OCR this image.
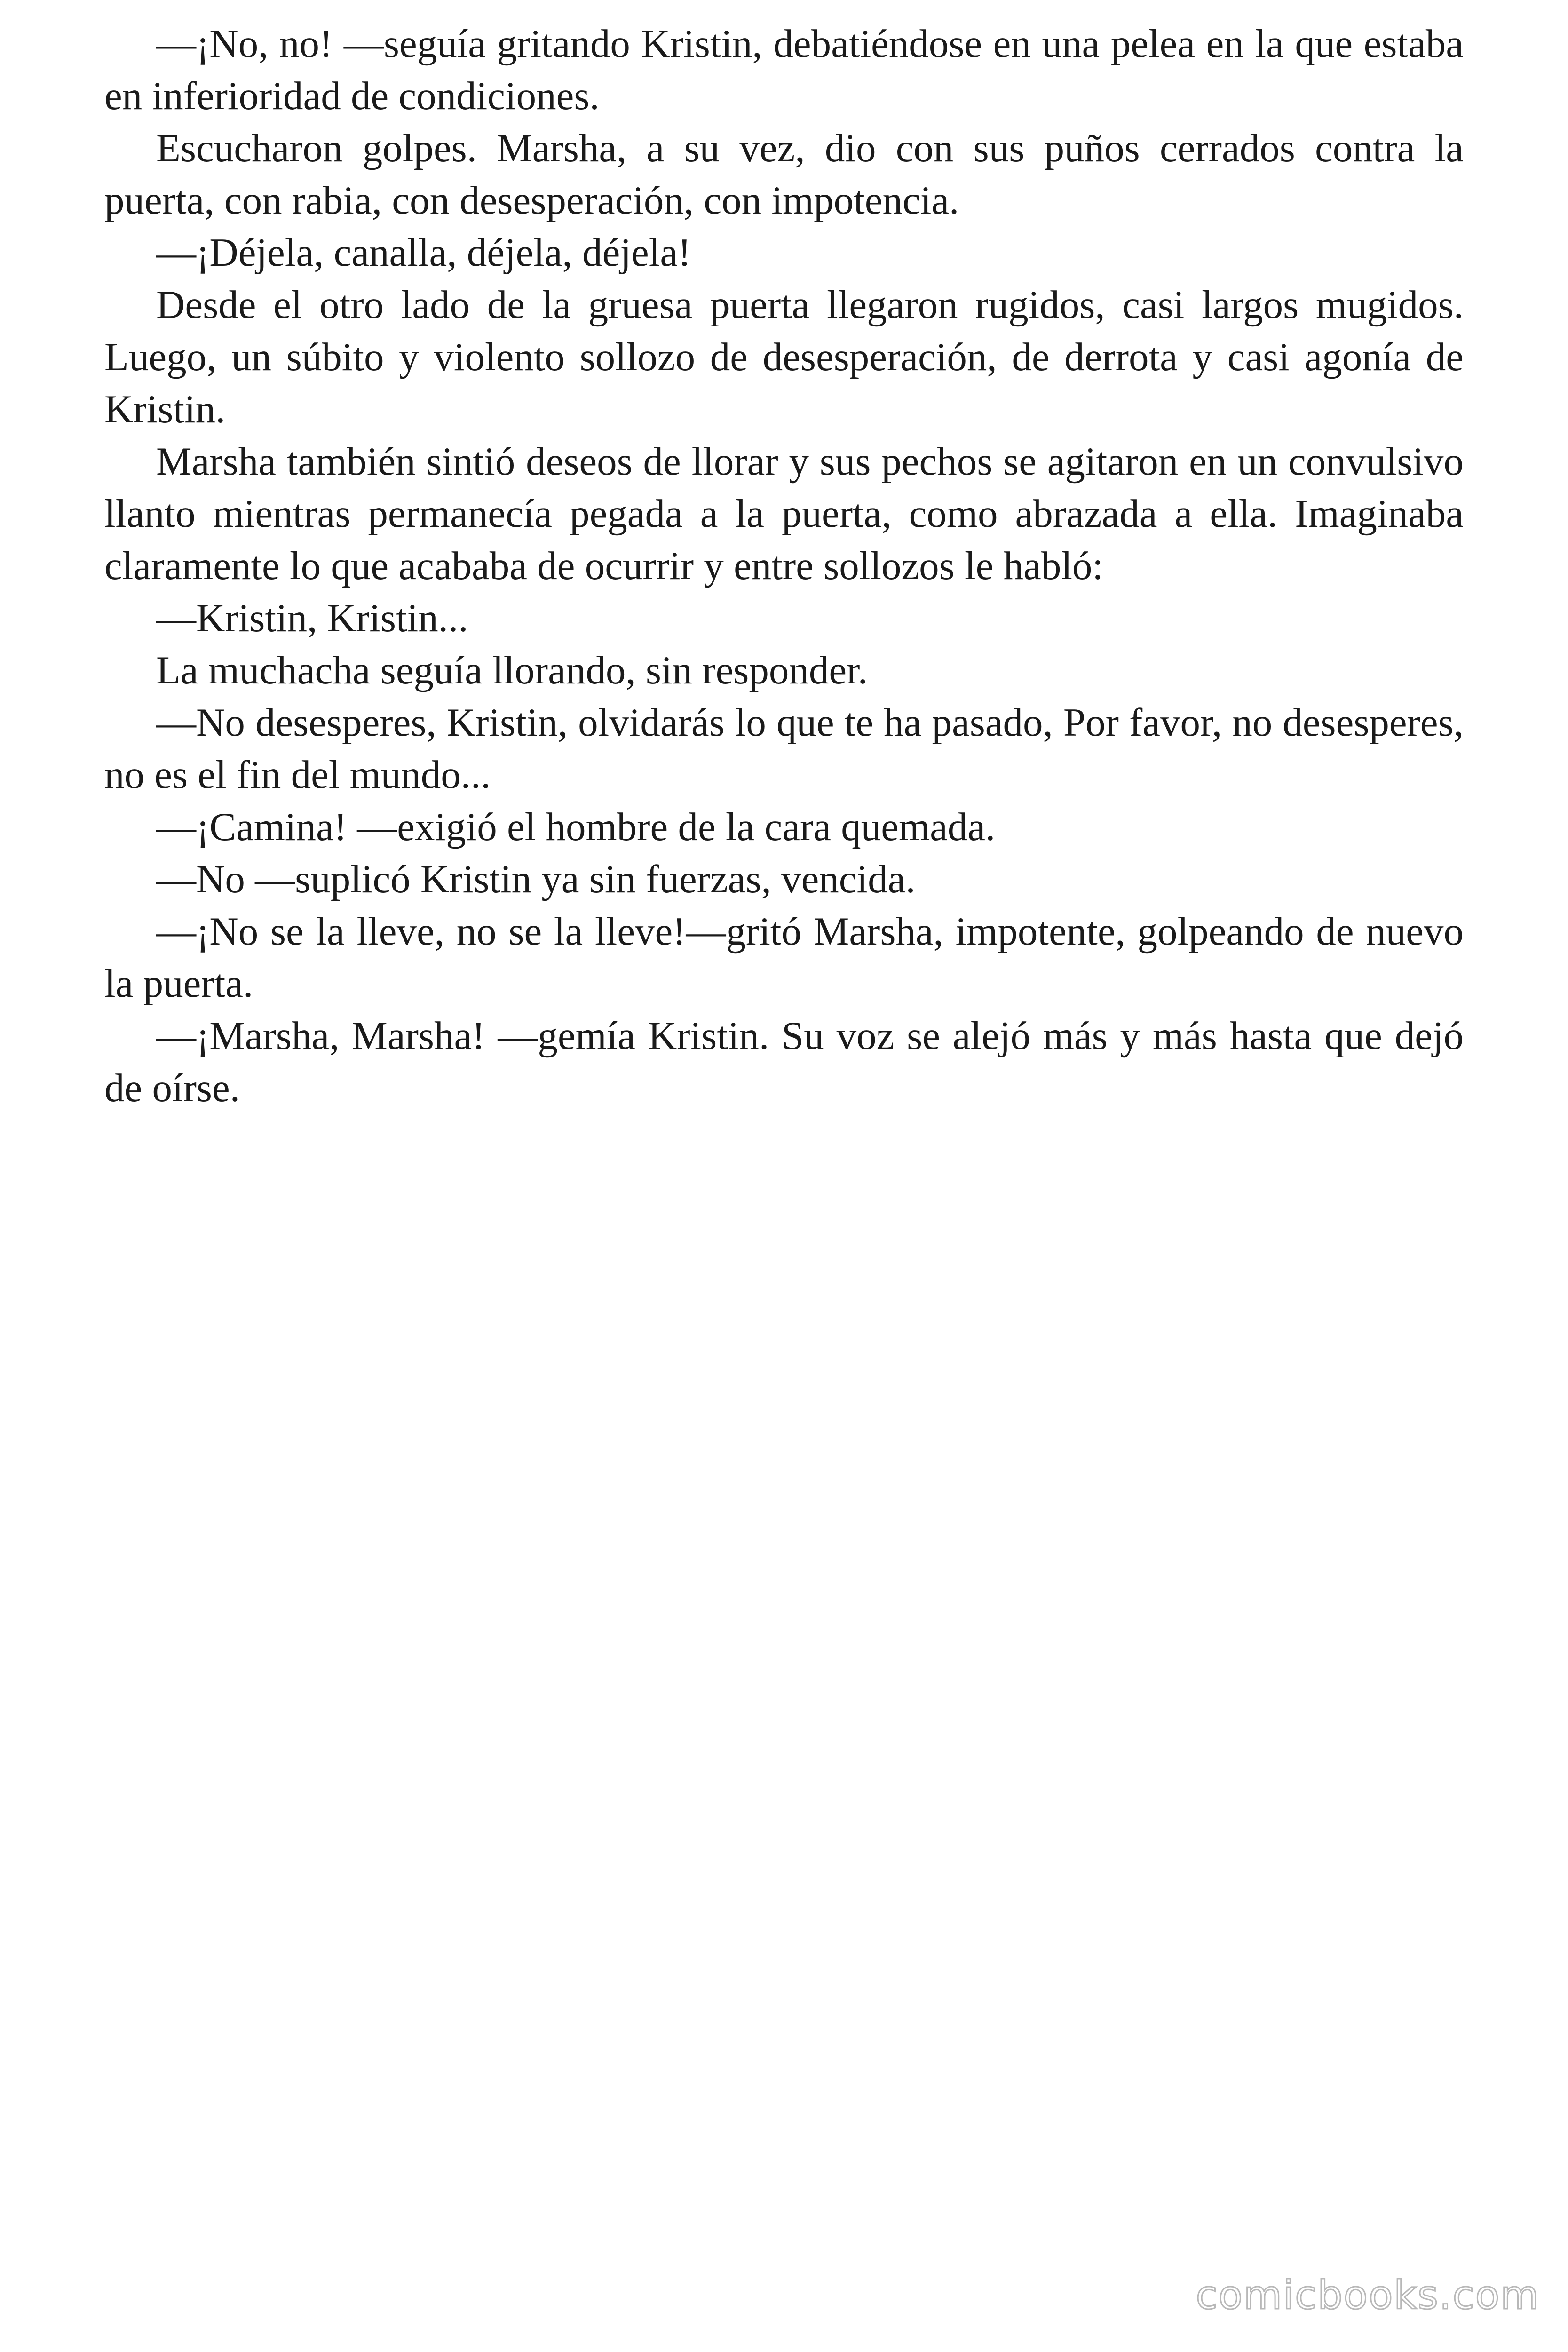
—¡No, no! —seguía gritando Kristin, debatiéndose en una pelea en la que estaba en inferioridad de condiciones.

Escucharon golpes. Marsha, a su vez, dio con sus puños cerrados contra la puerta, con rabia, con desesperación, con impotencia.

—¡Déjela, canalla, déjela, déjela!

Desde el otro lado de la gruesa puerta llegaron rugidos, casi largos mugidos. Luego, un súbito y violento sollozo de desesperación, de derrota y casi agonía de Kristin.

Marsha también sintió deseos de llorar y sus pechos se agitaron en un convulsivo llanto mientras permanecía pegada a la puerta, como abrazada a ella. Imaginaba claramente lo que acababa de ocurrir y entre sollozos le habló:

—Kristin, Kristin...

La muchacha seguía llorando, sin responder.

—No desesperes, Kristin, olvidarás lo que te ha pasado, Por favor, no desesperes, no es el fin del mundo...

—¡Camina! —exigió el hombre de la cara quemada.

—No —suplicó Kristin ya sin fuerzas, vencida.

—¡No se la lleve, no se la lleve!—gritó Marsha, impotente, golpeando de nuevo la puerta.

—¡Marsha, Marsha! —gemía Kristin. Su voz se alejó más y más hasta que dejó de oírse.

comicbooks.com
